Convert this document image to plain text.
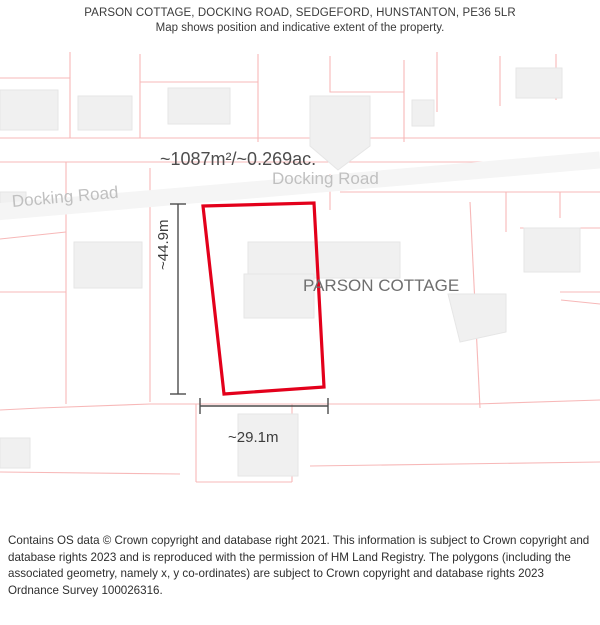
PARSON COTTAGE, DOCKING ROAD, SEDGEFORD, HUNSTANTON, PE36 5LR
Map shows position and indicative extent of the property.
Docking Road
Docking Road
~1087m²/~0.269ac.
PARSON COTTAGE
~29.1m
~44.9m

Contains OS data © Crown copyright and database right 2021. This information is subject to Crown copyright and database rights 2023 and is reproduced with the permission of HM Land Registry. The polygons (including the associated geometry, namely x, y co-ordinates) are subject to Crown copyright and database rights 2023 Ordnance Survey 100026316.
